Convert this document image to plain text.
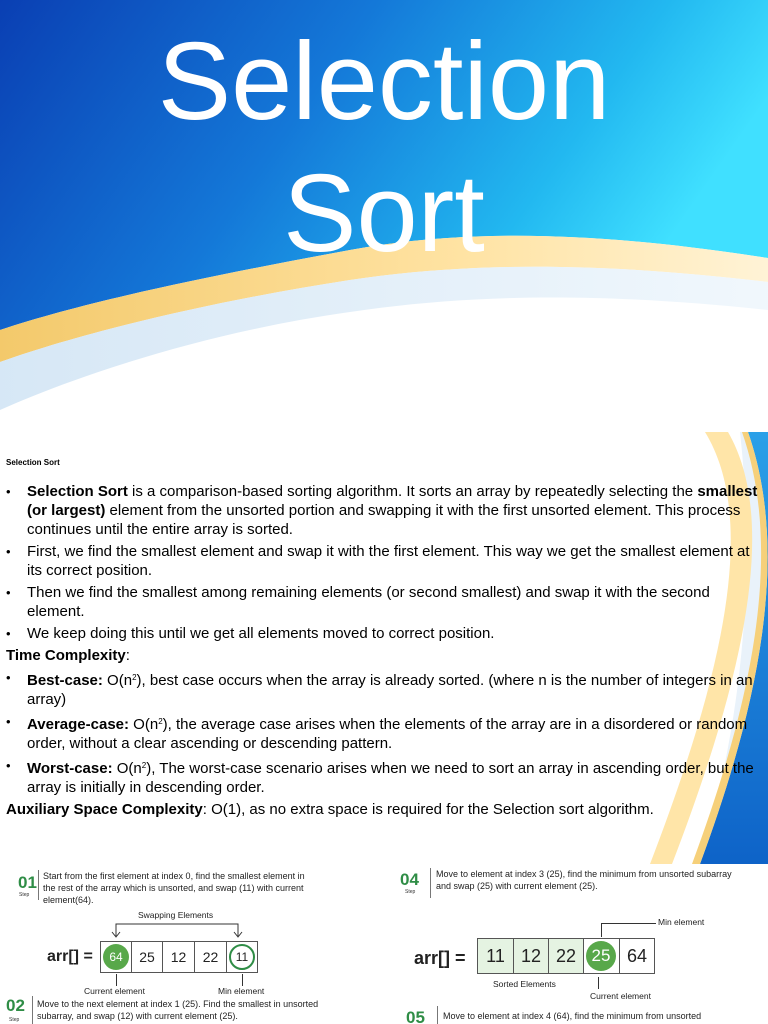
Selection
Sort
Selection Sort
• Selection Sort is a comparison-based sorting algorithm. It sorts an array by repeatedly selecting the smallest (or largest) element from the unsorted portion and swapping it with the first unsorted element. This process continues until the entire array is sorted.
• First, we find the smallest element and swap it with the first element. This way we get the smallest element at its correct position.
• Then we find the smallest among remaining elements (or second smallest) and swap it with the second element.
• We keep doing this until we get all elements moved to correct position.
Time Complexity:
• Best-case: $O(n^2)$, best case occurs when the array is already sorted. (where n is the number of integers in an array)
• Average-case: $O(n^2)$, the average case arises when the elements of the array are in a disordered or random order, without a clear ascending or descending pattern.
• Worst-case: $O(n^2)$, The worst-case scenario arises when we need to sort an array in ascending order, but the array is initially in descending order.
Auxiliary Space Complexity: O(1), as no extra space is required for the Selection sort algorithm.
01
Step
Start from the first element at index 0, find the smallest element in the rest of the array which is unsorted, and swap (11) with current element(64).
Swapping Elements
arr[] =	64	25	12	22	11
Current element	Min element
02
Step
Move to the next element at index 1 (25). Find the smallest in unsorted subarray, and swap (12) with current element (25).
04
Step
Move to element at index 3 (25), find the minimum from unsorted subarray and swap (25) with current element (25).
Min element
arr[] =	11 12 22 25 64
Sorted Elements
Current element
05 Move to element at index 4 (64), find the minimum from unsorted
